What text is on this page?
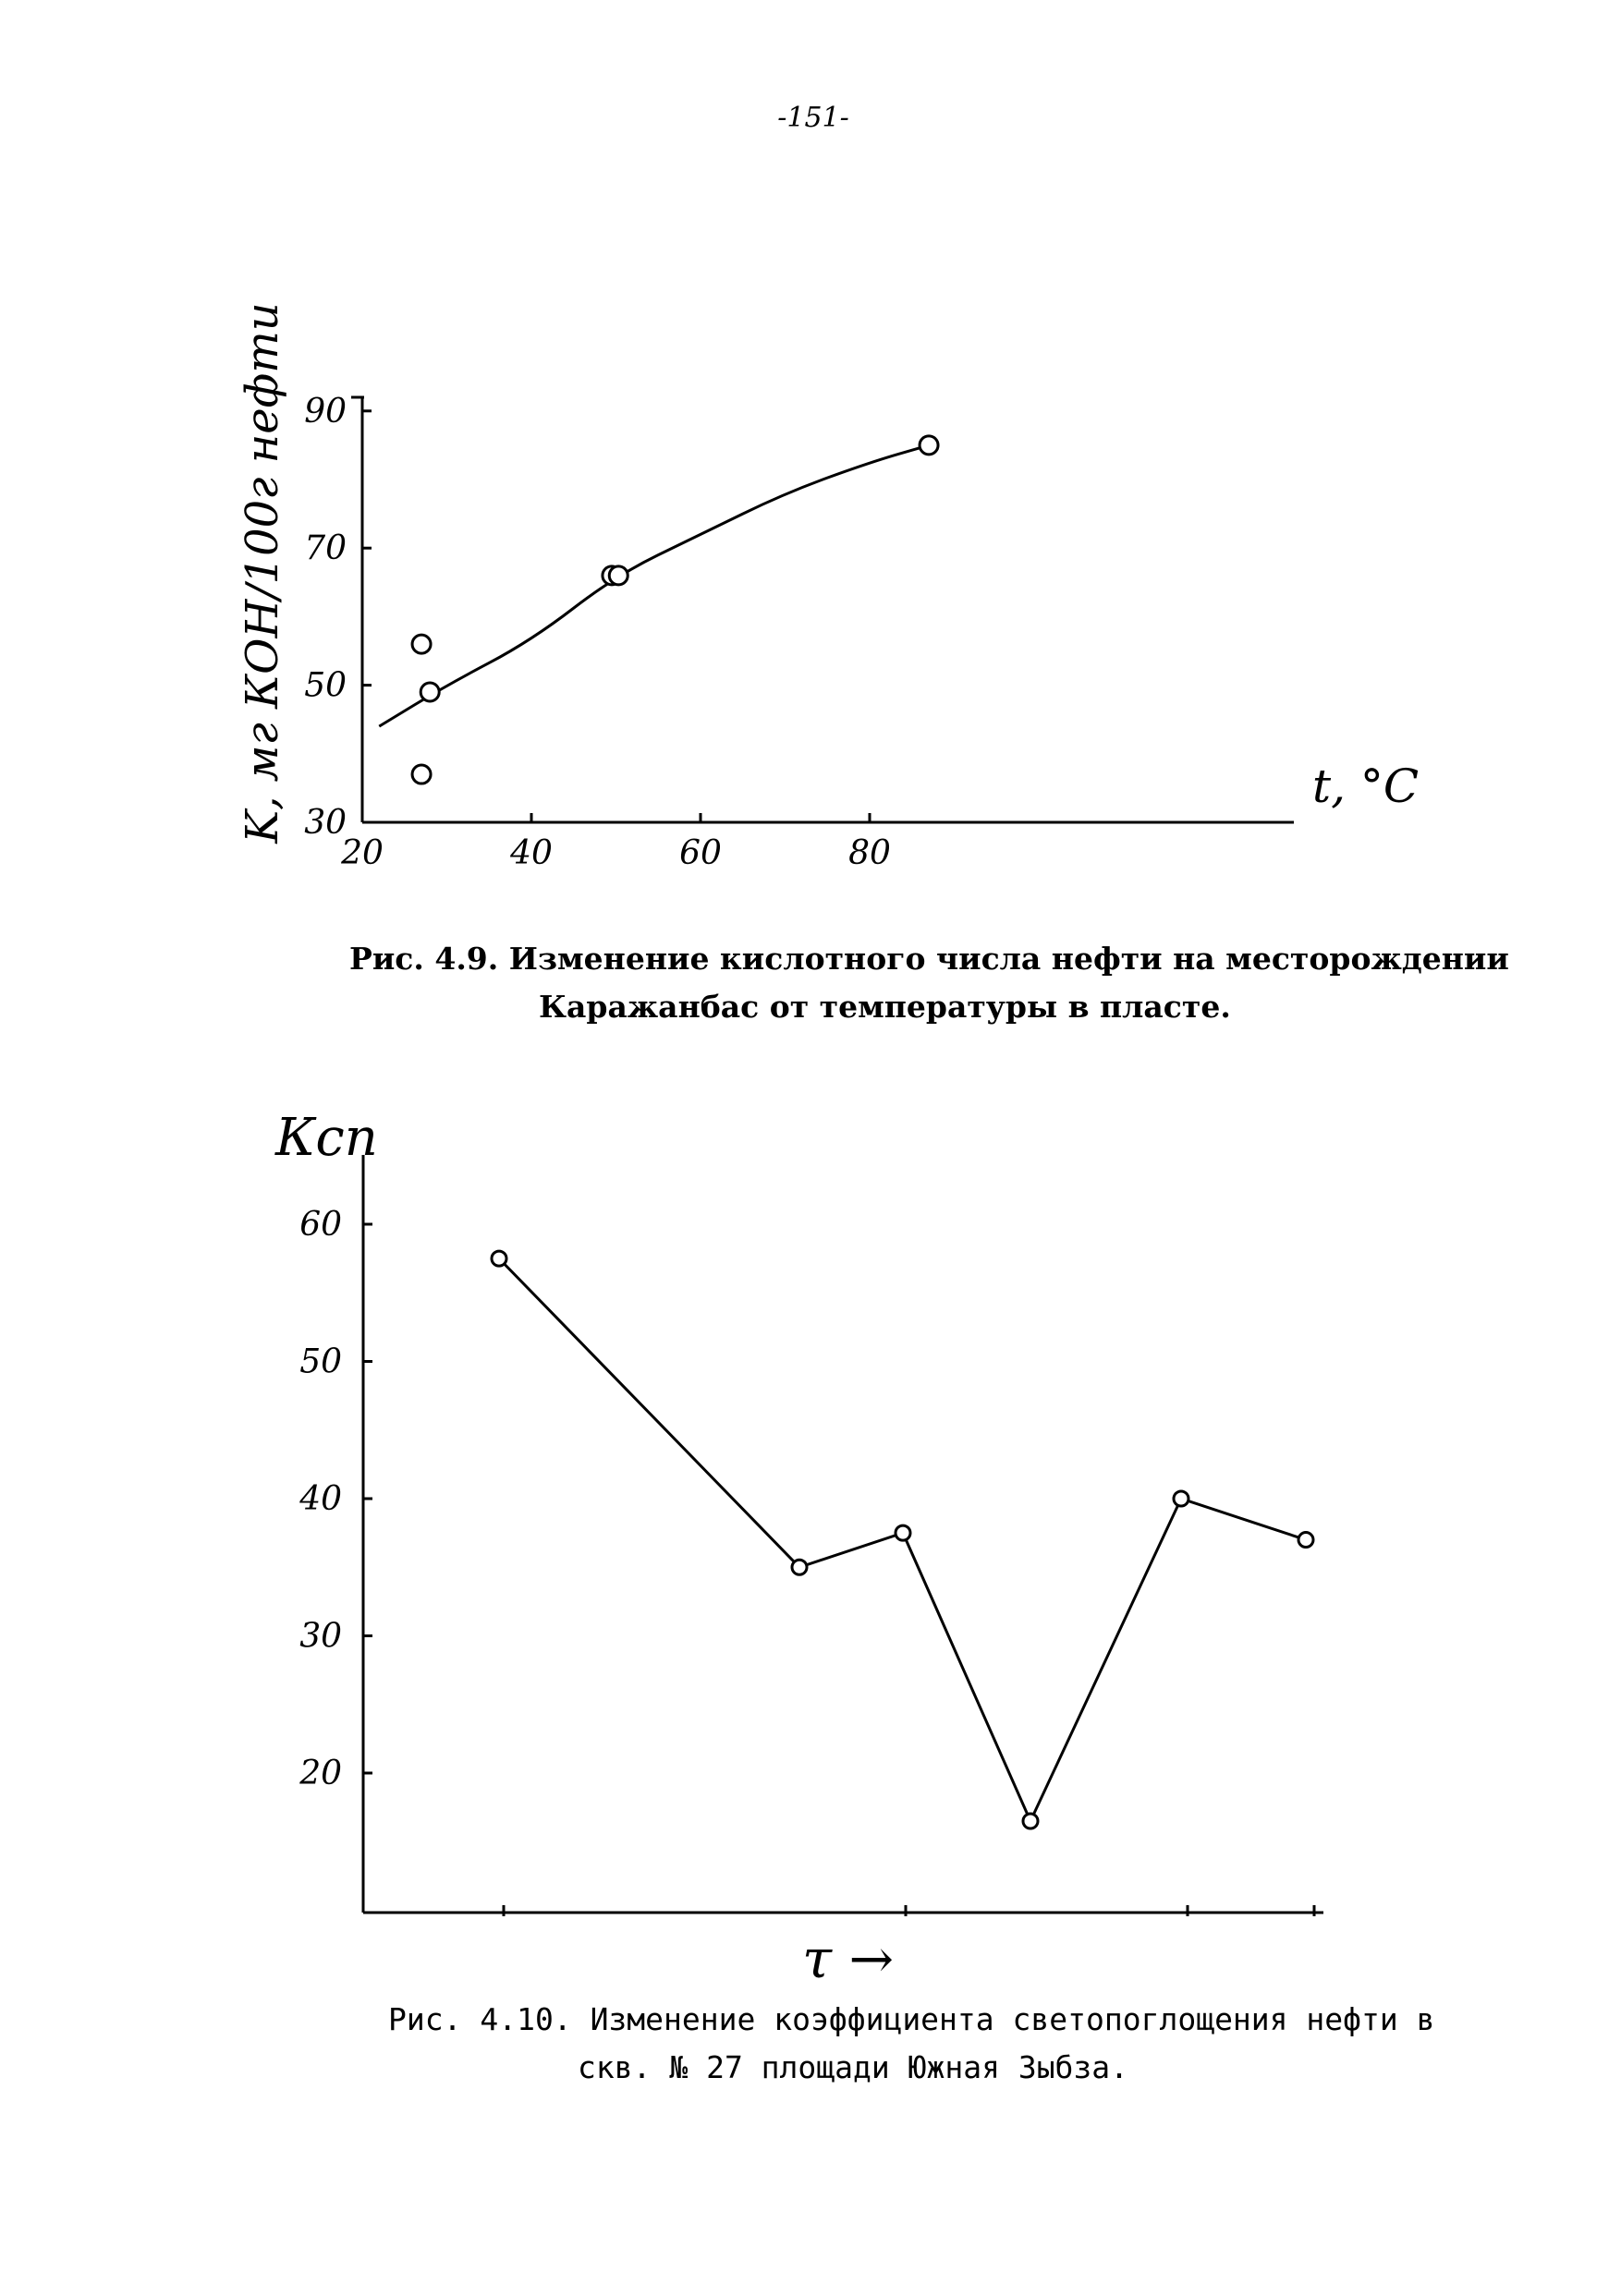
-151-
20	40	60	80
30
50
70
90
K, мг КОН/100г нефти	t, °C
Рис. 4.9. Изменение кислотного числа нефти на месторождении
Каражанбас от температуры в пласте.
20
30
40
50
60
Ксп
τ →
Рис. 4.10. Изменение коэффициента светопоглощения нефти в
скв. № 27 площади Южная Зыбза.
